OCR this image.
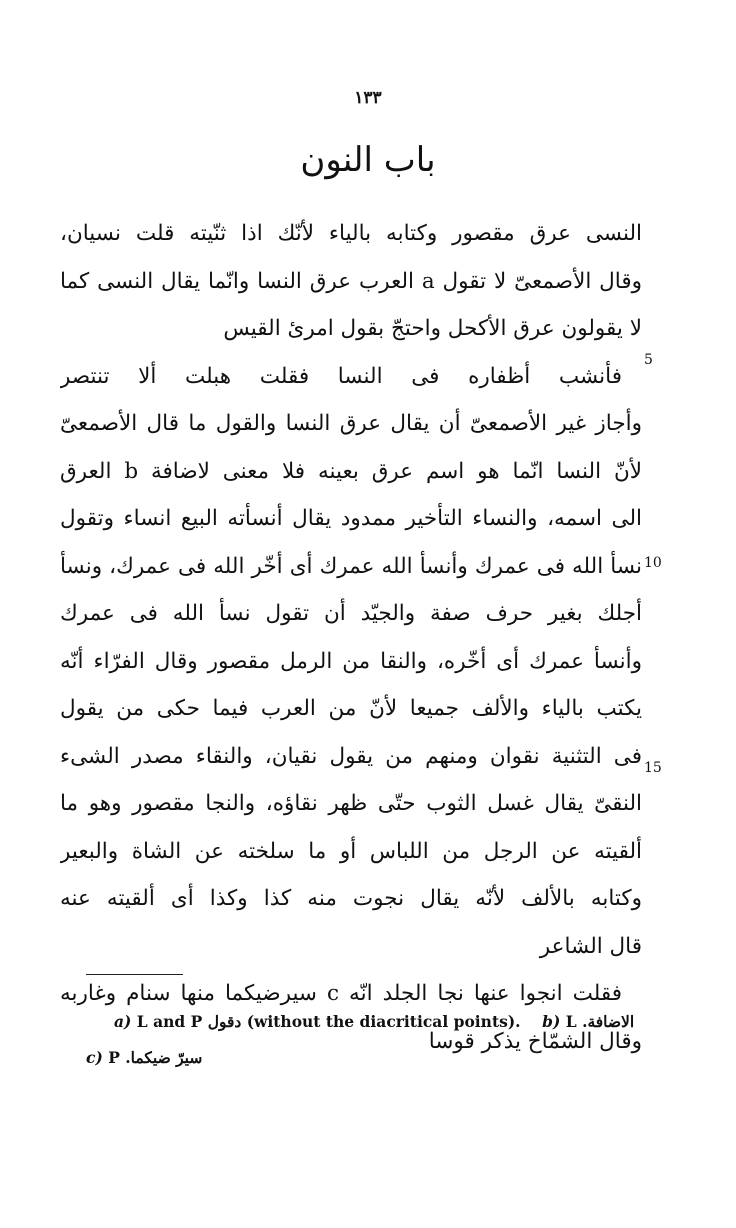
١٣٣
باب النون
النسى عرق مقصور وكتابه بالياء لأنّك اذا ثنّيته قلت نسيان،
وقال الأصمعىّ لا تقول a العرب عرق النسا وانّما يقال النسى كما
لا يقولون عرق الأكحل واحتجّ بقول امرئ القيس
فأنشب أظفاره فى النسا فقلت هبلت ألا تنتصر
وأجاز غير الأصمعىّ أن يقال عرق النسا والقول ما قال الأصمعىّ
لأنّ النسا انّما هو اسم عرق بعينه فلا معنى لاضافة b العرق
الى اسمه، والنساء التأخير ممدود يقال أنسأته البيع انساء وتقول
نسأ الله فى عمرك وأنسأ الله عمرك أى أخّر الله فى عمرك، ونسأ
أجلك بغير حرف صفة والجيّد أن تقول نسأ الله فى عمرك
وأنسأ عمرك أى أخّره، والنقا من الرمل مقصور وقال الفرّاء أنّه
يكتب بالياء والألف جميعا لأنّ من العرب فيما حكى من يقول
فى التثنية نقوان ومنهم من يقول نقيان، والنقاء مصدر الشىء
النقىّ يقال غسل الثوب حتّى ظهر نقاؤه، والنجا مقصور وهو ما
ألقيته عن الرجل من اللباس أو ما سلخته عن الشاة والبعير
وكتابه بالألف لأنّه يقال نجوت منه كذا وكذا أى ألقيته عنه
قال الشاعر
فقلت انجوا عنها نجا الجلد انّه c سيرضيكما منها سنام وغاربه
وقال الشمّاخ يذكر قوسا
5
10
15
a) L and P دقول (without the diacritical points). b) L الاضافة.
c) P سيرّ ضيكما.
